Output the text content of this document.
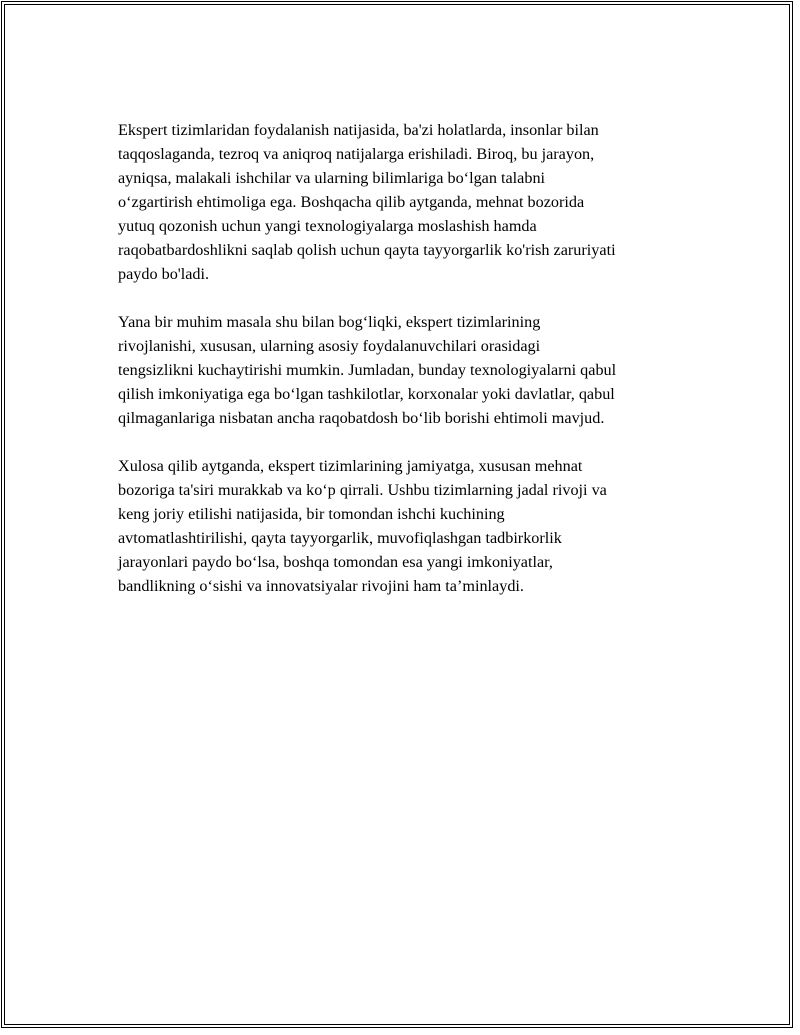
Ekspert tizimlaridan foydalanish natijasida, ba'zi holatlarda, insonlar bilan
taqqoslaganda, tezroq va aniqroq natijalarga erishiladi. Biroq, bu jarayon,
ayniqsa, malakali ishchilar va ularning bilimlariga bo‘lgan talabni
o‘zgartirish ehtimoliga ega. Boshqacha qilib aytganda, mehnat bozorida
yutuq qozonish uchun yangi texnologiyalarga moslashish hamda
raqobatbardoshlikni saqlab qolish uchun qayta tayyorgarlik ko'rish zaruriyati
paydo bo'ladi.

Yana bir muhim masala shu bilan bog‘liqki, ekspert tizimlarining
rivojlanishi, xususan, ularning asosiy foydalanuvchilari orasidagi
tengsizlikni kuchaytirishi mumkin. Jumladan, bunday texnologiyalarni qabul
qilish imkoniyatiga ega bo‘lgan tashkilotlar, korxonalar yoki davlatlar, qabul
qilmaganlariga nisbatan ancha raqobatdosh bo‘lib borishi ehtimoli mavjud.

Xulosa qilib aytganda, ekspert tizimlarining jamiyatga, xususan mehnat
bozoriga ta'siri murakkab va ko‘p qirrali. Ushbu tizimlarning jadal rivoji va
keng joriy etilishi natijasida, bir tomondan ishchi kuchining
avtomatlashtirilishi, qayta tayyorgarlik, muvofiqlashgan tadbirkorlik
jarayonlari paydo bo‘lsa, boshqa tomondan esa yangi imkoniyatlar,
bandlikning o‘sishi va innovatsiyalar rivojini ham ta’minlaydi.
